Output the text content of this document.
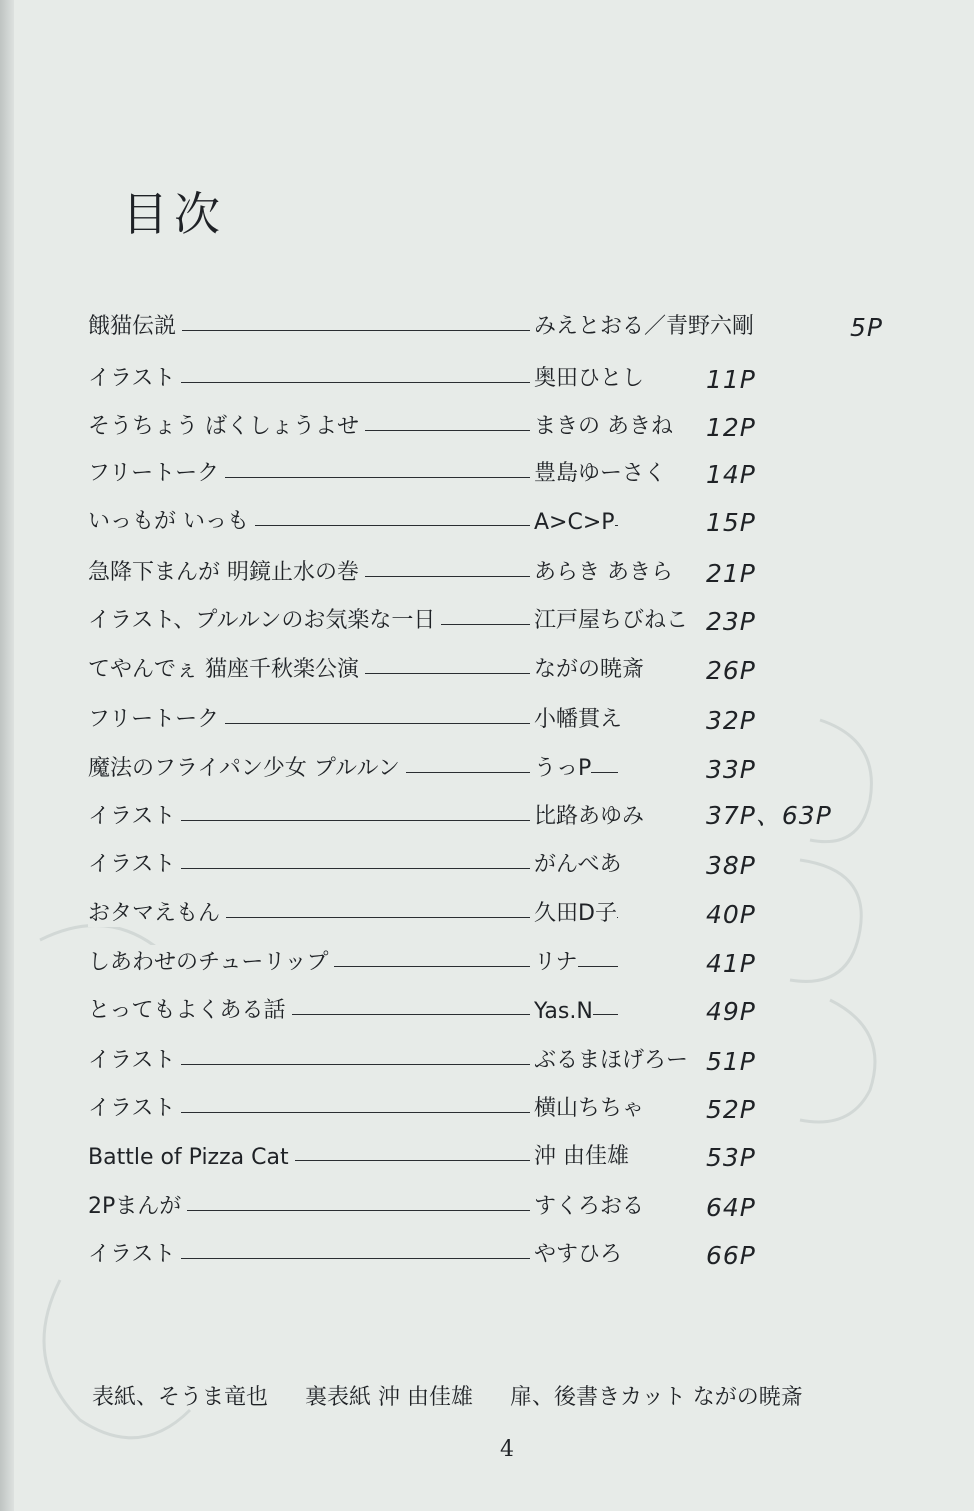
目次
餓猫伝説	みえとおる／青野六剛	5P
イラスト	奥田ひとし 11P
そうちょう ばくしょうよせ	まきの あきね 12P
フリートーク	豊島ゆーさく 14P
いっもが いっも	A>C>P	15P
急降下まんが 明鏡止水の巻	あらき あきら 21P
イラスト、プルルンのお気楽な一日	江戸屋ちびねこ 23P
てやんでぇ 猫座千秋楽公演	ながの暁斎 26P
フリートーク	小幡貫え	32P
魔法のフライパン少女 プルルン	うっP	33P
イラスト	比路あゆみ 37P、63P
イラスト	がんべあ	38P
おタマえもん	久田D子	40P
しあわせのチューリップ	リナ	41P
とってもよくある話	Yas.N	49P
イラスト	ぶるまほげろー 51P
イラスト	横山ちちゃ 52P
Battle of Pizza Cat	沖 由佳雄	53P
2Pまんが	すくろおる 64P
イラスト	やすひろ	66P
表紙、そうま竜也 裏表紙 沖 由佳雄 扉、後書きカット ながの暁斎
4
